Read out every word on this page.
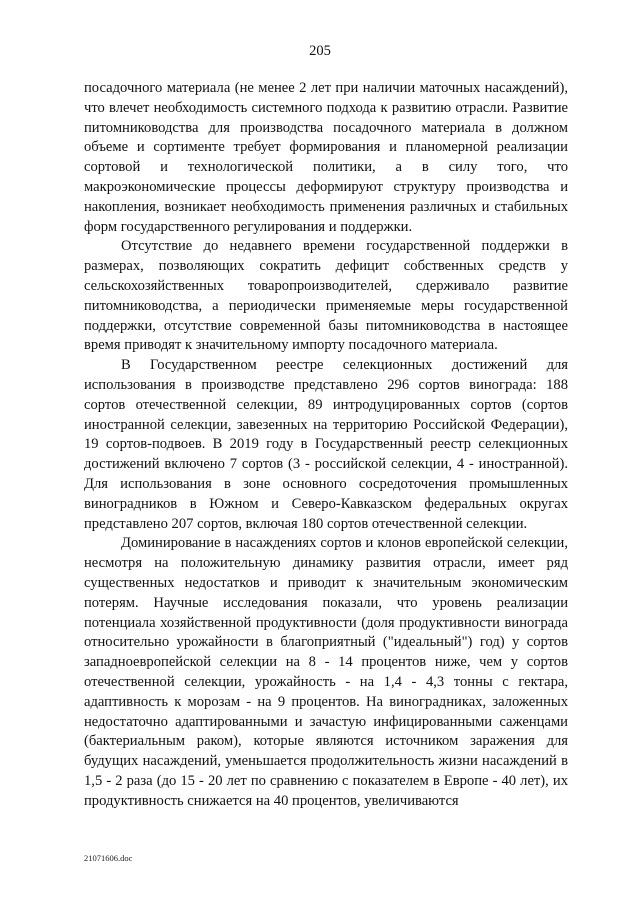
205

посадочного материала (не менее 2 лет при наличии маточных насаждений), что влечет необходимость системного подхода к развитию отрасли. Развитие питомниководства для производства посадочного материала в должном объеме и сортименте требует формирования и планомерной реализации сортовой и технологической политики, а в силу того, что макроэкономические процессы деформируют структуру производства и накопления, возникает необходимость применения различных и стабильных форм государственного регулирования и поддержки.

Отсутствие до недавнего времени государственной поддержки в размерах, позволяющих сократить дефицит собственных средств у сельскохозяйственных товаропроизводителей, сдерживало развитие питомниководства, а периодически применяемые меры государственной поддержки, отсутствие современной базы питомниководства в настоящее время приводят к значительному импорту посадочного материала.

В Государственном реестре селекционных достижений для использования в производстве представлено 296 сортов винограда: 188 сортов отечественной селекции, 89 интродуцированных сортов (сортов иностранной селекции, завезенных на территорию Российской Федерации), 19 сортов-подвоев. В 2019 году в Государственный реестр селекционных достижений включено 7 сортов (3 - российской селекции, 4 - иностранной). Для использования в зоне основного сосредоточения промышленных виноградников в Южном и Северо-Кавказском федеральных округах представлено 207 сортов, включая 180 сортов отечественной селекции.

Доминирование в насаждениях сортов и клонов европейской селекции, несмотря на положительную динамику развития отрасли, имеет ряд существенных недостатков и приводит к значительным экономическим потерям. Научные исследования показали, что уровень реализации потенциала хозяйственной продуктивности (доля продуктивности винограда относительно урожайности в благоприятный ("идеальный") год) у сортов западноевропейской селекции на 8 - 14 процентов ниже, чем у сортов отечественной селекции, урожайность - на 1,4 - 4,3 тонны с гектара, адаптивность к морозам - на 9 процентов. На виноградниках, заложенных недостаточно адаптированными и зачастую инфицированными саженцами (бактериальным раком), которые являются источником заражения для будущих насаждений, уменьшается продолжительность жизни насаждений в 1,5 - 2 раза (до 15 - 20 лет по сравнению с показателем в Европе - 40 лет), их продуктивность снижается на 40 процентов, увеличиваются

21071606.doc
